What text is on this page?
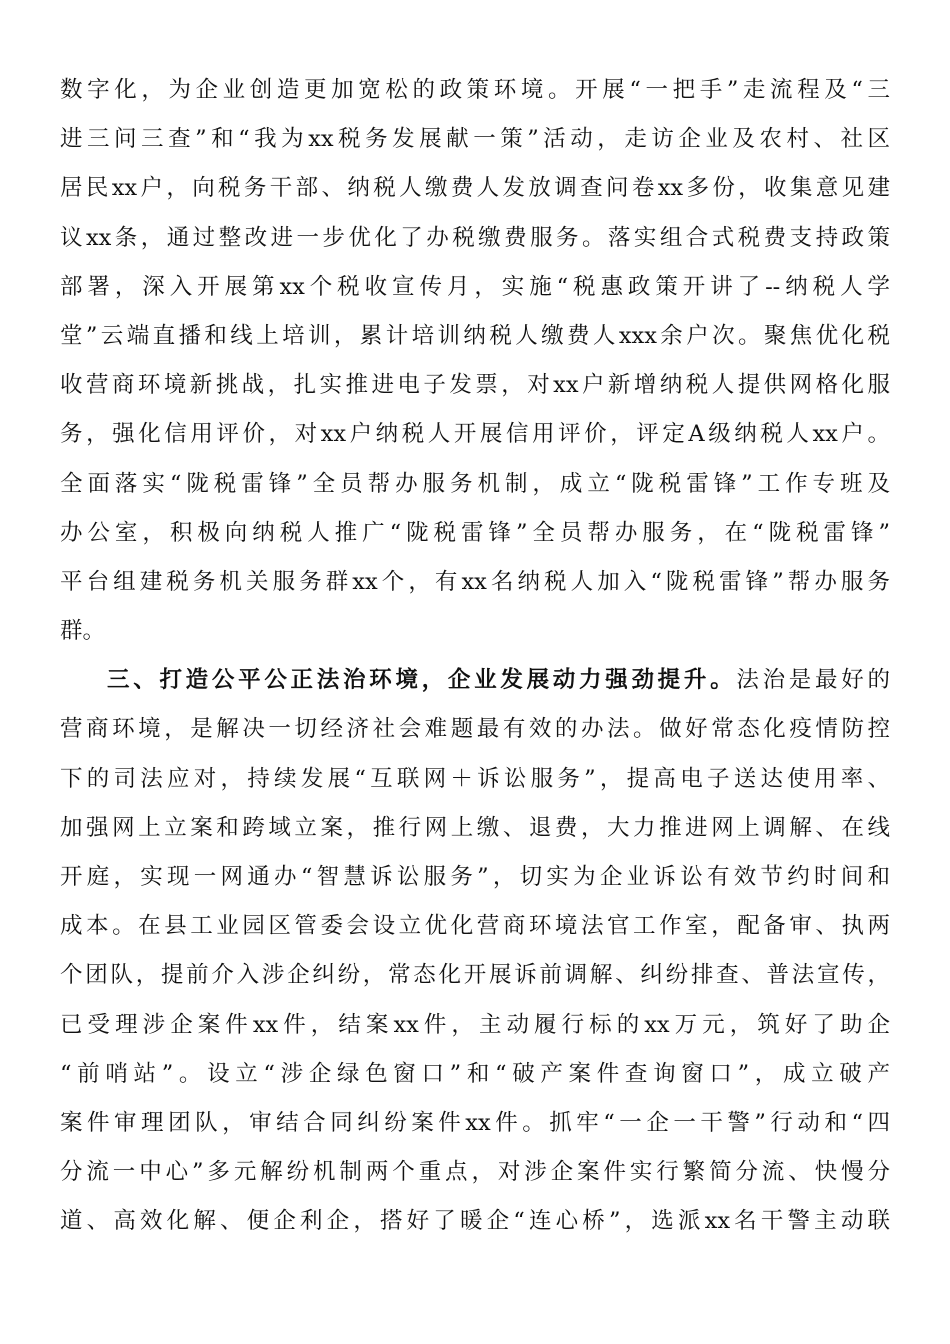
数字化，为企业创造更加宽松的政策环境。开展“一把手”走流程及“三
进三问三查”和“我为xx税务发展献一策”活动，走访企业及农村、社区
居民xx户，向税务干部、纳税人缴费人发放调查问卷xx多份，收集意见建
议xx条，通过整改进一步优化了办税缴费服务。落实组合式税费支持政策
部署，深入开展第xx个税收宣传月，实施“税惠政策开讲了--纳税人学
堂”云端直播和线上培训，累计培训纳税人缴费人xxx余户次。聚焦优化税
收营商环境新挑战，扎实推进电子发票，对xx户新增纳税人提供网格化服
务，强化信用评价，对xx户纳税人开展信用评价，评定A级纳税人xx户。
全面落实“陇税雷锋”全员帮办服务机制，成立“陇税雷锋”工作专班及
办公室，积极向纳税人推广“陇税雷锋”全员帮办服务，在“陇税雷锋”
平台组建税务机关服务群xx个，有xx名纳税人加入“陇税雷锋”帮办服务
群。
三、打造公平公正法治环境，企业发展动力强劲提升。法治是最好的
营商环境，是解决一切经济社会难题最有效的办法。做好常态化疫情防控
下的司法应对，持续发展“互联网＋诉讼服务”，提高电子送达使用率、
加强网上立案和跨域立案，推行网上缴、退费，大力推进网上调解、在线
开庭，实现一网通办“智慧诉讼服务”，切实为企业诉讼有效节约时间和
成本。在县工业园区管委会设立优化营商环境法官工作室，配备审、执两
个团队，提前介入涉企纠纷，常态化开展诉前调解、纠纷排查、普法宣传，
已受理涉企案件xx件，结案xx件，主动履行标的xx万元，筑好了助企
“前哨站”。设立“涉企绿色窗口”和“破产案件查询窗口”，成立破产
案件审理团队，审结合同纠纷案件xx件。抓牢“一企一干警”行动和“四
分流一中心”多元解纷机制两个重点，对涉企案件实行繁简分流、快慢分
道、高效化解、便企利企，搭好了暖企“连心桥”，选派xx名干警主动联
